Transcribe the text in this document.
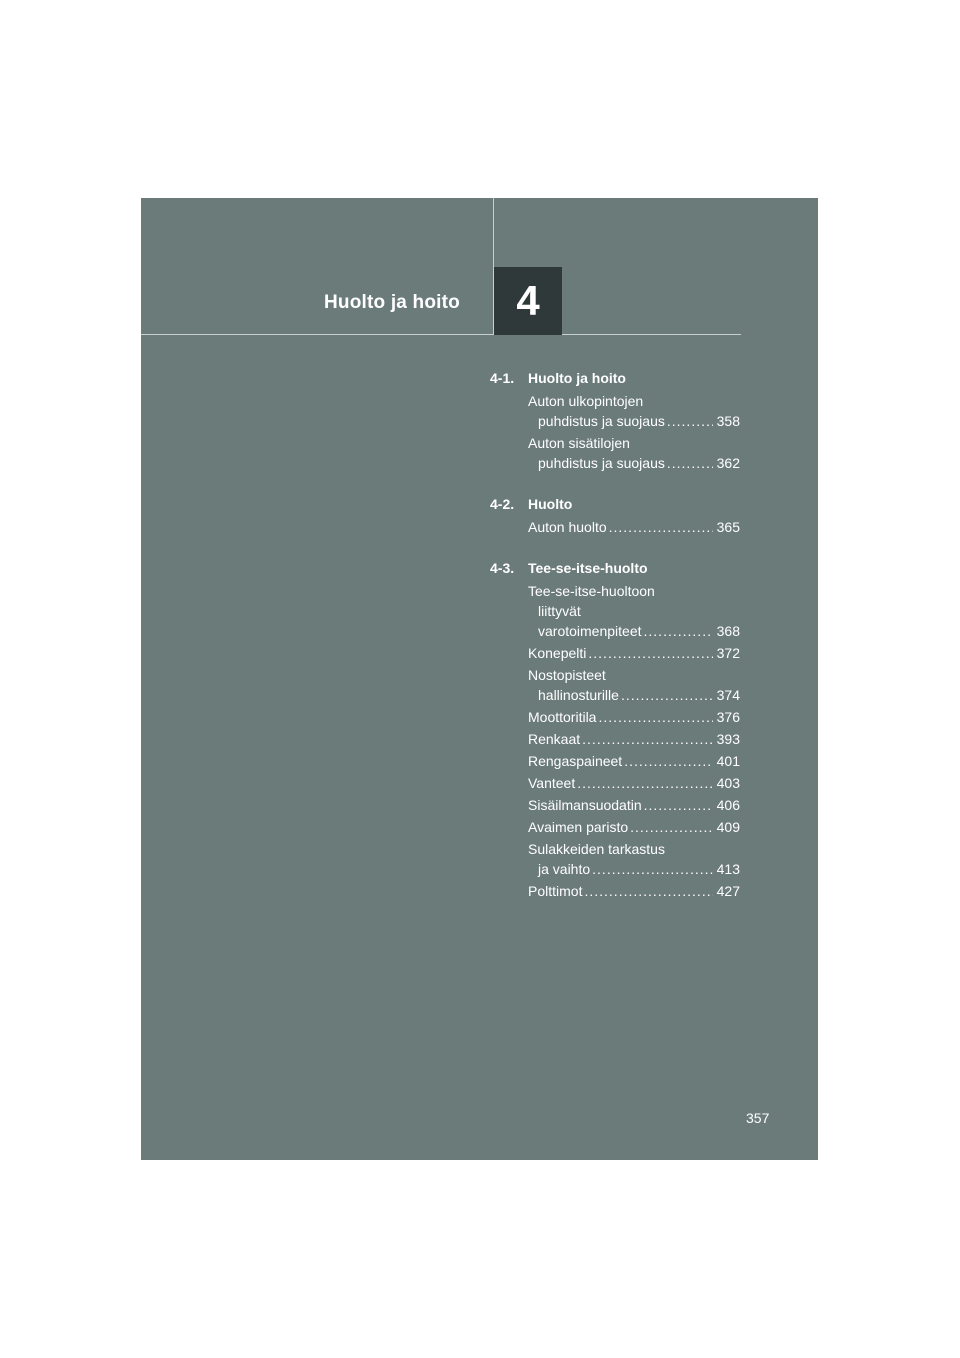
Huolto ja hoito 4
4-1. Huolto ja hoito
Auton ulkopintojen
puhdistus ja suojaus .....	358
Auton sisätilojen
puhdistus ja suojaus .....	362
4-2. Huolto
Auton huolto .....	365
4-3. Tee-se-itse-huolto
Tee-se-itse-huoltoon
liittyvät
varotoimenpiteet .....	368
Konepelti .....	372
Nostopisteet
hallinosturille .....	374
Moottoritila .....	376
Renkaat .....	393
Rengaspaineet .....	401
Vanteet .....	403
Sisäilmansuodatin .....	406
Avaimen paristo .....	409
Sulakkeiden tarkastus
ja vaihto .....	413
Polttimot .....	427
357
